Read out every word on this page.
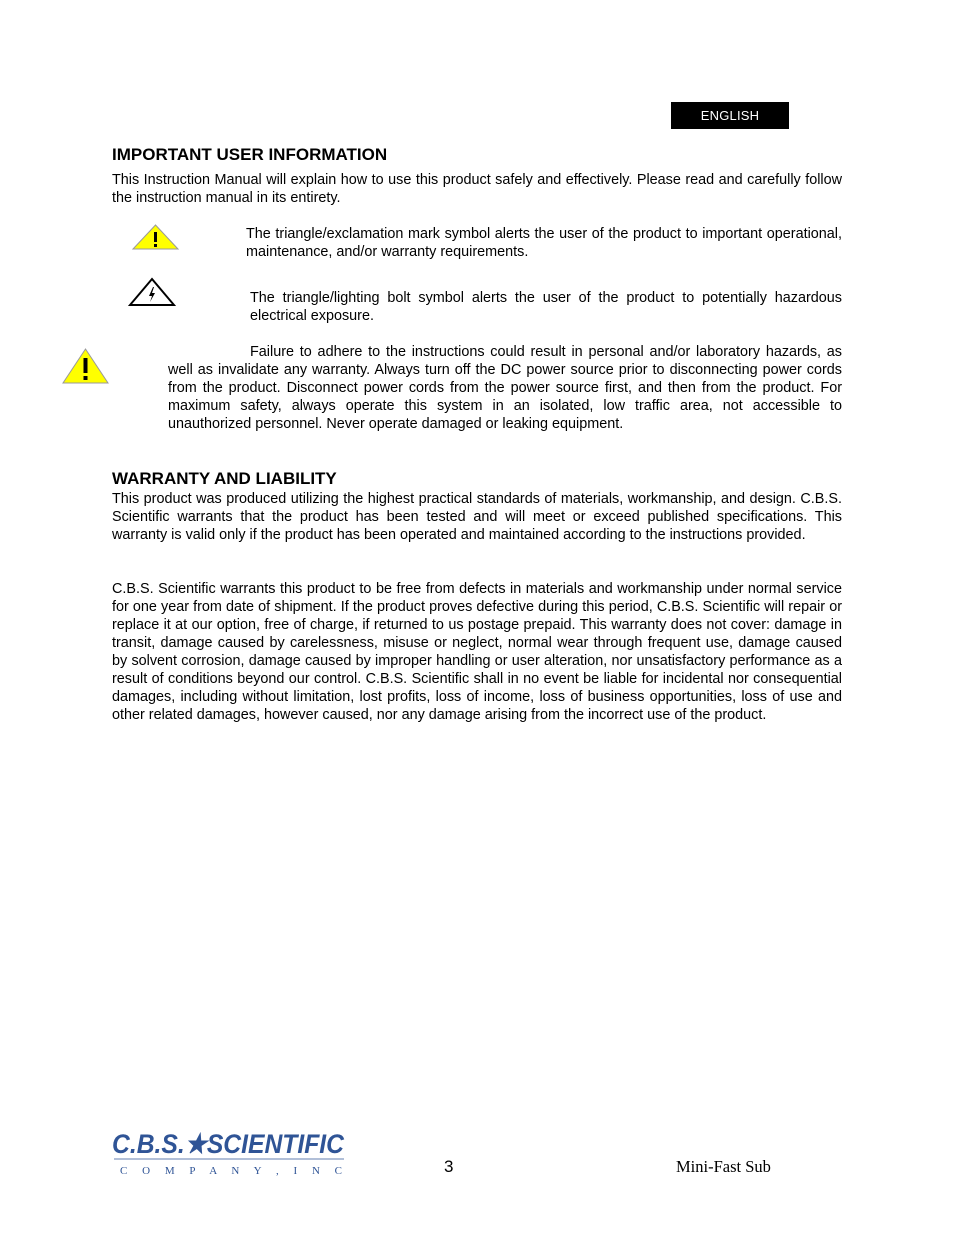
ENGLISH
IMPORTANT USER INFORMATION

This Instruction Manual will explain how to use this product safely and effectively. Please read and carefully follow the instruction manual in its entirety.

The triangle/exclamation mark symbol alerts the user of the product to important operational, maintenance, and/or warranty requirements.

The triangle/lighting bolt symbol alerts the user of the product to potentially hazardous electrical exposure.

Failure to adhere to the instructions could result in personal and/or laboratory hazards, as well as invalidate any warranty. Always turn off the DC power source prior to disconnecting power cords from the product. Disconnect power cords from the power source first, and then from the product. For maximum safety, always operate this system in an isolated, low traffic area, not accessible to unauthorized personnel. Never operate damaged or leaking equipment.

WARRANTY AND LIABILITY

This product was produced utilizing the highest practical standards of materials, workmanship, and design. C.B.S. Scientific warrants that the product has been tested and will meet or exceed published specifications. This warranty is valid only if the product has been operated and maintained according to the instructions provided.

C.B.S. Scientific warrants this product to be free from defects in materials and workmanship under normal service for one year from date of shipment. If the product proves defective during this period, C.B.S. Scientific will repair or replace it at our option, free of charge, if returned to us postage prepaid. This warranty does not cover: damage in transit, damage caused by carelessness, misuse or neglect, normal wear through frequent use, damage caused by solvent corrosion, damage caused by improper handling or user alteration, nor unsatisfactory performance as a result of conditions beyond our control. C.B.S. Scientific shall in no event be liable for incidental nor consequential damages, including without limitation, lost profits, loss of income, loss of business opportunities, loss of use and other related damages, however caused, nor any damage arising from the incorrect use of the product.

C.B.S.★SCIENTIFIC
C O M P A N Y , I N C	3	Mini-Fast Sub
